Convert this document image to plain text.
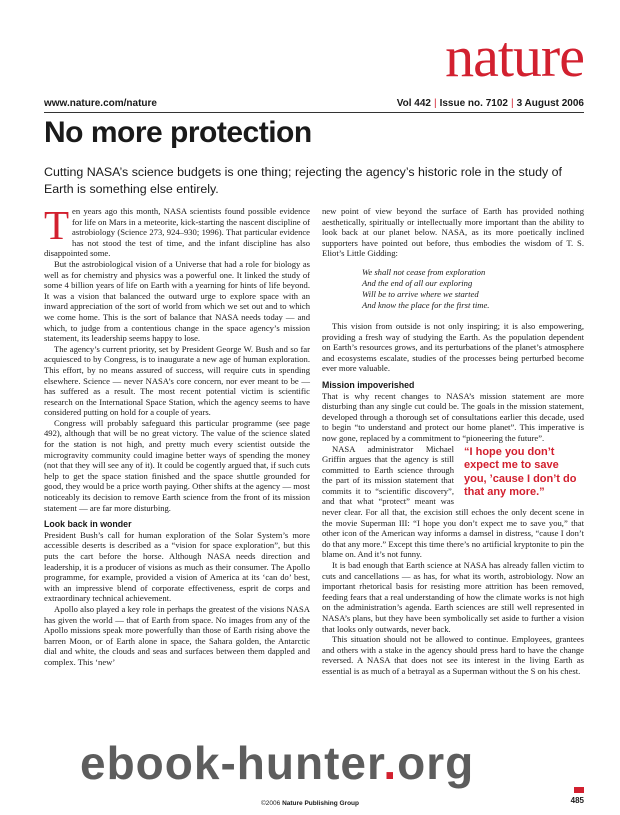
nature
www.nature.com/nature	Vol 442 | Issue no. 7102 | 3 August 2006
No more protection

Cutting NASA’s science budgets is one thing; rejecting the agency’s historic role in the study of Earth is something else entirely.

Ten years ago this month, NASA scientists found possible evidence for life on Mars in a meteorite, kick-starting the nascent discipline of astrobiology (Science 273, 924–930; 1996). That particular evidence has not stood the test of time, and the infant discipline has also disappointed some.

But the astrobiological vision of a Universe that had a role for biology as well as for chemistry and physics was a powerful one. It linked the study of some 4 billion years of life on Earth with a yearning for hints of life beyond. It was a vision that balanced the outward urge to explore space with an inward appreciation of the sort of world from which we set out and to which we come home. This is the sort of balance that NASA needs today — and which, to judge from a contentious change in the space agency’s mission statement, its leadership seems happy to lose.

The agency’s current priority, set by President George W. Bush and so far acquiesced to by Congress, is to inaugurate a new age of human exploration. This effort, by no means assured of success, will require cuts in spending elsewhere. Science — never NASA’s core concern, nor ever meant to be — has suffered as a result. The most recent potential victim is scientific research on the International Space Station, which the agency seems to have considered putting on hold for a couple of years.

Congress will probably safeguard this particular programme (see page 492), although that will be no great victory. The value of the science slated for the station is not high, and pretty much every scientist outside the microgravity community could imagine better ways of spending the money (not that they will see any of it). It could be cogently argued that, if such cuts help to get the space station finished and the space shuttle grounded for good, they would be a price worth paying. Other shifts at the agency — most noticeably its decision to remove Earth science from the front of its mission statement — are far more disturbing.

Look back in wonder

President Bush’s call for human exploration of the Solar System’s more accessible deserts is described as a “vision for space exploration”, but this puts the cart before the horse. Although NASA needs direction and leadership, it is a producer of visions as much as their consumer. The Apollo programme, for example, provided a vision of America at its ‘can do’ best, with an impressive blend of corporate effectiveness, esprit de corps and extraordinary technical achievement.

Apollo also played a key role in perhaps the greatest of the visions NASA has given the world — that of Earth from space. No images from any of the Apollo missions speak more powerfully than those of Earth rising above the barren Moon, or of Earth alone in space, the Sahara golden, the Antarctic dial and white, the clouds and seas and surfaces between them dappled and complex. This ‘new’

new point of view beyond the surface of Earth has provided nothing aesthetically, spiritually or intellectually more important than the ability to look back at our planet below. NASA, as its more poetically inclined supporters have pointed out before, thus embodies the wisdom of T. S. Eliot’s Little Gidding:

We shall not cease from exploration
And the end of all our exploring
Will be to arrive where we started
And know the place for the first time.

This vision from outside is not only inspiring; it is also empowering, providing a fresh way of studying the Earth. As the population dependent on Earth’s resources grows, and its perturbations of the planet’s atmosphere and ecosystems escalate, studies of the processes being perturbed become ever more valuable.

Mission impoverished

That is why recent changes to NASA’s mission statement are more disturbing than any single cut could be. The goals in the mission statement, developed through a thorough set of consultations earlier this decade, used to begin “to understand and protect our home planet”. This imperative is now gone, replaced by a commitment to “pioneering the future”.

“I hope you don’t expect me to save you, ’cause I don’t do that any more.”
NASA administrator Michael Griffin argues that the agency is still committed to Earth science through the part of its mission statement that commits it to “scientific discovery”, and that what “protect” meant was never clear. For all that, the excision still echoes the only decent scene in the movie Superman III: “I hope you don’t expect me to save you,” that other icon of the American way informs a damsel in distress, “cause I don’t do that any more.” Except this time there’s no artificial kryptonite to pin the blame on. And it’s not funny.

It is bad enough that Earth science at NASA has already fallen victim to cuts and cancellations — as has, for what its worth, astrobiology. Now an important rhetorical basis for resisting more attrition has been removed, feeding fears that a real understanding of how the climate works is not high on the administration’s agenda. Earth sciences are still well represented in NASA’s plans, but they have been symbolically set aside to further a vision that looks only outwards, never back.

This situation should not be allowed to continue. Employees, grantees and others with a stake in the agency should press hard to have the change reversed. A NASA that does not see its interest in the living Earth as essential is as much of a betrayal as a Superman without the S on his chest.

ebook-hunter.org
485
©2006 Nature Publishing Group
